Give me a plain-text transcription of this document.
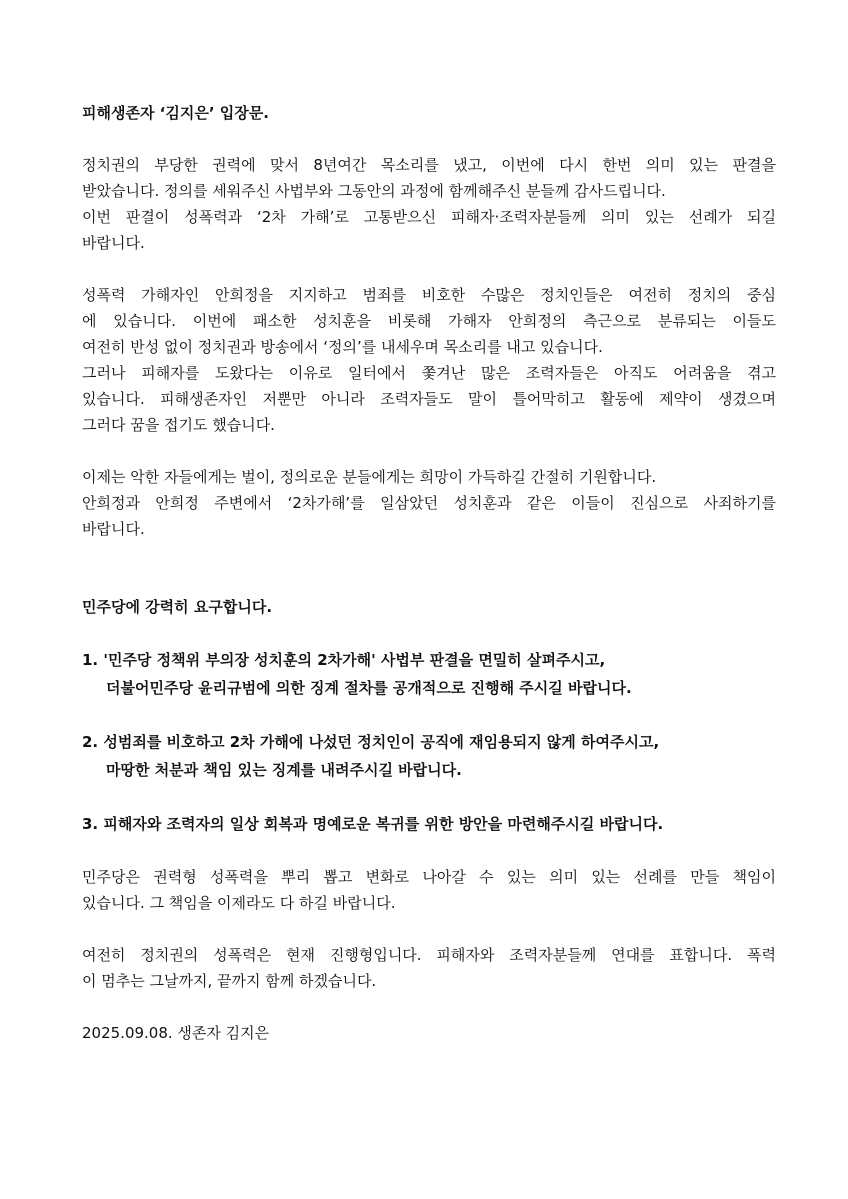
피해생존자 ‘김지은’ 입장문.
정치권의 부당한 권력에 맞서 8년여간 목소리를 냈고, 이번에 다시 한번 의미 있는 판결을
받았습니다. 정의를 세워주신 사법부와 그동안의 과정에 함께해주신 분들께 감사드립니다.
이번 판결이 성폭력과 ‘2차 가해’로 고통받으신 피해자·조력자분들께 의미 있는 선례가 되길
바랍니다.
성폭력 가해자인 안희정을 지지하고 범죄를 비호한 수많은 정치인들은 여전히 정치의 중심
에 있습니다. 이번에 패소한 성치훈을 비롯해 가해자 안희정의 측근으로 분류되는 이들도
여전히 반성 없이 정치권과 방송에서 ‘정의’를 내세우며 목소리를 내고 있습니다.
그러나 피해자를 도왔다는 이유로 일터에서 쫓겨난 많은 조력자들은 아직도 어려움을 겪고
있습니다. 피해생존자인 저뿐만 아니라 조력자들도 말이 틀어막히고 활동에 제약이 생겼으며
그러다 꿈을 접기도 했습니다.
이제는 악한 자들에게는 벌이, 정의로운 분들에게는 희망이 가득하길 간절히 기원합니다.
안희정과 안희정 주변에서 ‘2차가해’를 일삼았던 성치훈과 같은 이들이 진심으로 사죄하기를
바랍니다.
민주당에 강력히 요구합니다.
1. '민주당 정책위 부의장 성치훈의 2차가해' 사법부 판결을 면밀히 살펴주시고,
더불어민주당 윤리규범에 의한 징계 절차를 공개적으로 진행해 주시길 바랍니다.
2. 성범죄를 비호하고 2차 가해에 나섰던 정치인이 공직에 재임용되지 않게 하여주시고,
마땅한 처분과 책임 있는 징계를 내려주시길 바랍니다.
3. 피해자와 조력자의 일상 회복과 명예로운 복귀를 위한 방안을 마련해주시길 바랍니다.
민주당은 권력형 성폭력을 뿌리 뽑고 변화로 나아갈 수 있는 의미 있는 선례를 만들 책임이
있습니다. 그 책임을 이제라도 다 하길 바랍니다.
여전히 정치권의 성폭력은 현재 진행형입니다. 피해자와 조력자분들께 연대를 표합니다. 폭력
이 멈추는 그날까지, 끝까지 함께 하겠습니다.
2025.09.08. 생존자 김지은
